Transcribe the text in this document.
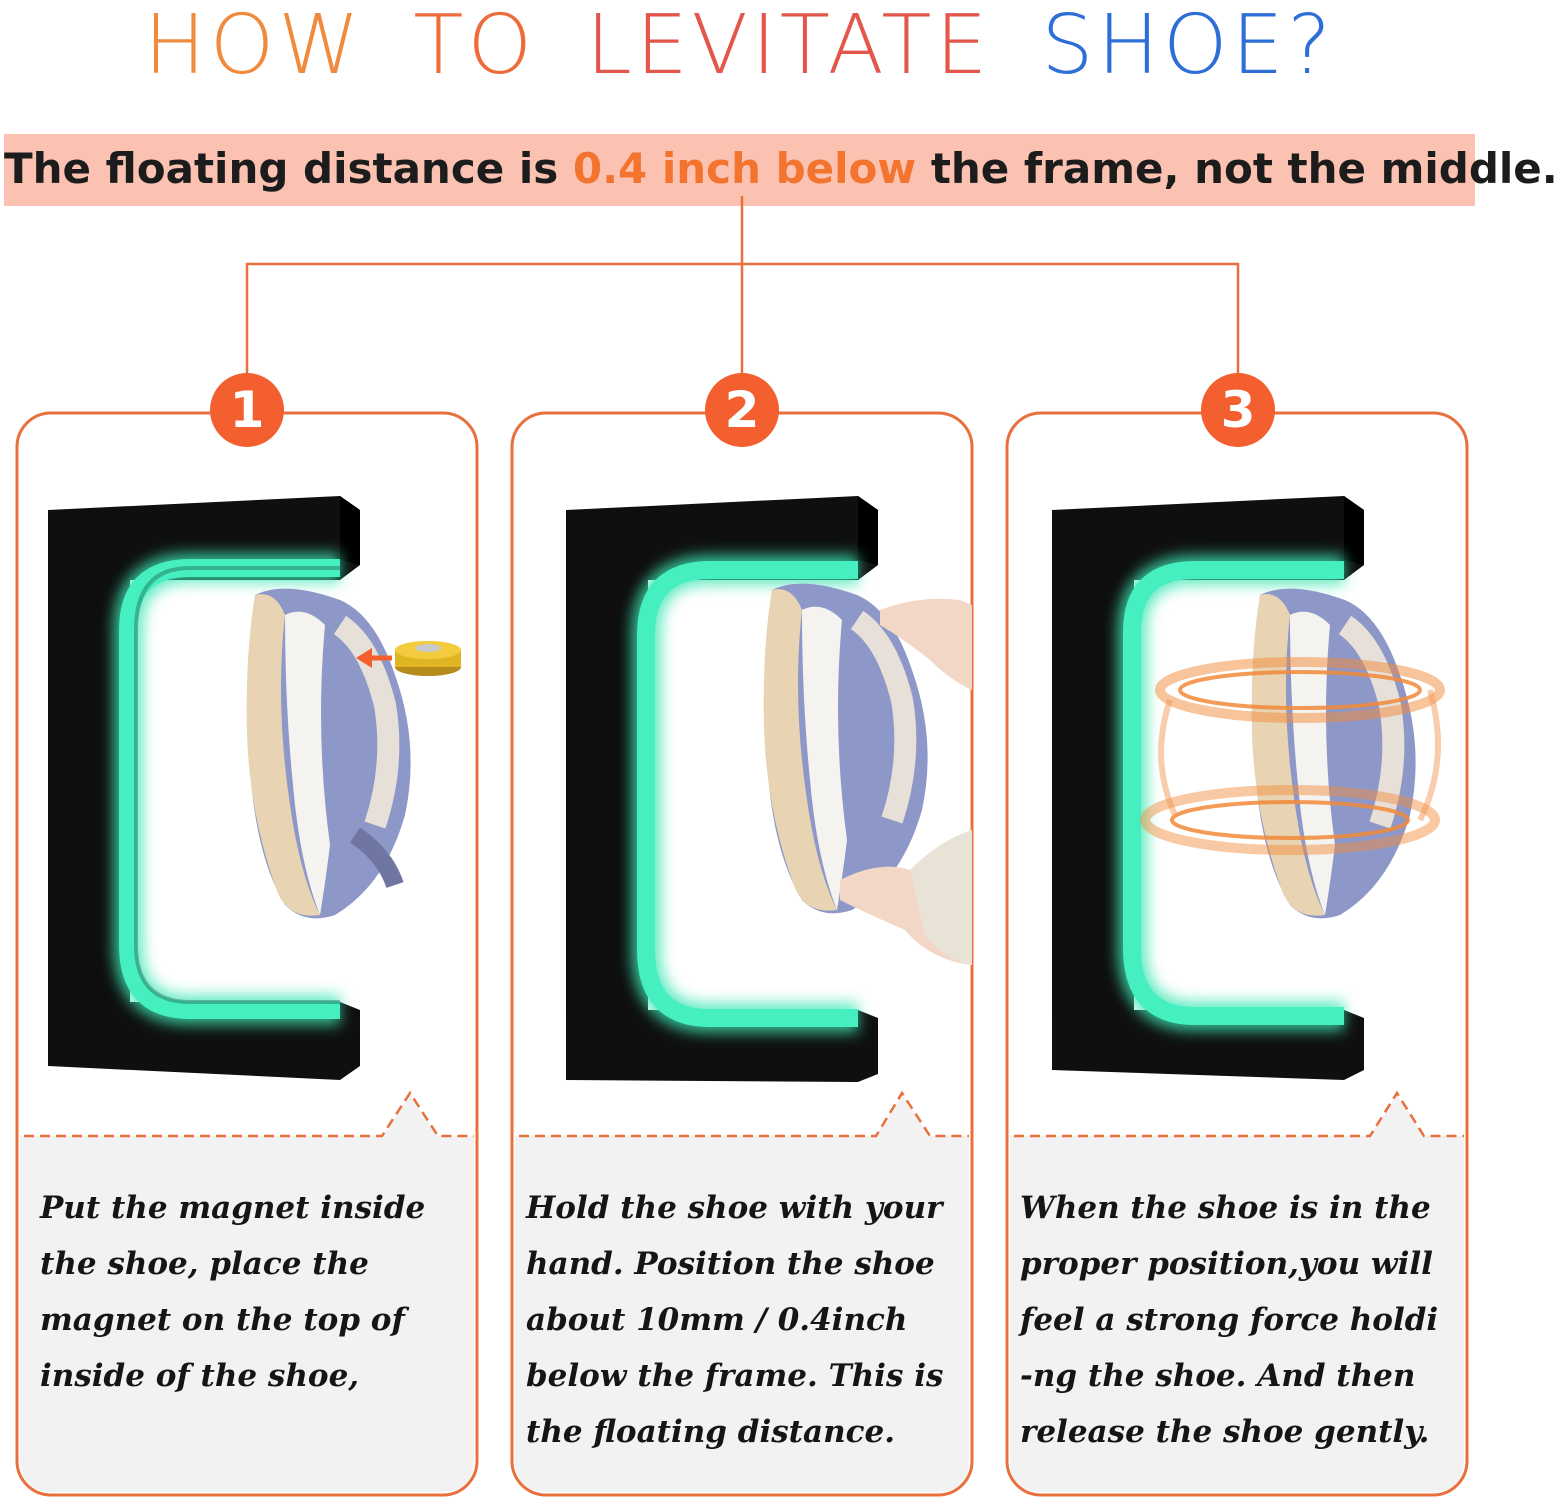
HOW TO LEVITATE SHOE?
The floating distance is 0.4 inch below the frame, not the middle.
1	2	3
Put the magnet inside
the shoe, place the
magnet on the top of
inside of the shoe,
Hold the shoe with your
hand. Position the shoe
about 10mm / 0.4inch
below the frame. This is
the floating distance.
When the shoe is in the
proper position,you will
feel a strong force holdi
-ng the shoe. And then
release the shoe gently.
